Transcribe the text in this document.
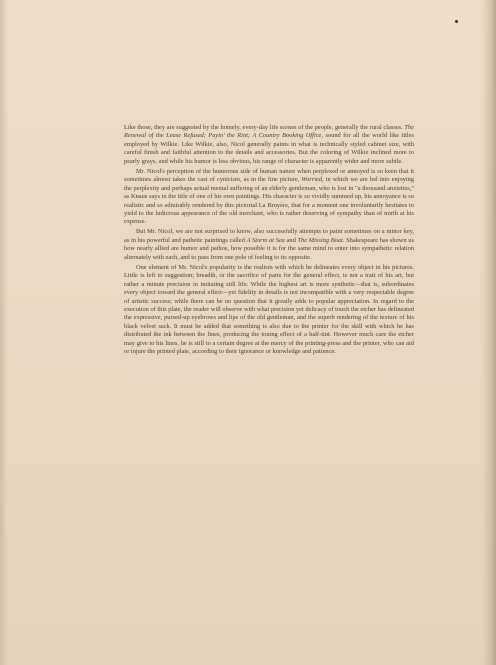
Like those, they are suggested by the homely, every-day life scenes of the people, generally the rural classes. The Renewal of the Lease Refused; Payin' the Rint; A Country Booking Office, sound for all the world like titles employed by Wilkie. Like Wilkie, also, Nicol generally paints in what is technically styled cabinet size, with careful finish and faithful attention to the details and accessories. But the coloring of Wilkie inclined more to pearly grays, and while his humor is less obvious, his range of character is apparently wider and more subtle.

Mr. Nicol's perception of the humorous side of human nature when perplexed or annoyed is so keen that it sometimes almost takes the cast of cynicism, as in the fine picture, Worried, in which we are led into enjoying the perplexity and perhaps actual mental suffering of an elderly gentleman, who is lost in "a thousand anxieties," as Knaus says in the title of one of his own paintings. His character is so vividly summed up, his annoyance is so realistic and so admirably rendered by this pictorial La Bruyère, that for a moment one involuntarily hesitates to yield to the ludicrous appearance of the old merchant, who is rather deserving of sympathy than of mirth at his expense.

But Mr. Nicol, we are not surprised to know, also successfully attempts to paint sometimes on a minor key, as in his powerful and pathetic paintings called A Storm at Sea and The Missing Boat. Shakespeare has shown us how nearly allied are humor and pathos, how possible it is for the same mind to enter into sympathetic relation alternately with each, and to pass from one pole of feeling to its opposite.

One element of Mr. Nicol's popularity is the realism with which he delineates every object in his pictures. Little is left to suggestion; breadth, or the sacrifice of parts for the general effect, is not a trait of his art, but rather a minute precision in imitating still life. While the highest art is more synthetic—that is, subordinates every object toward the general effect—yet fidelity in details is not incompatible with a very respectable degree of artistic success; while there can be no question that it greatly adds to popular appreciation. In regard to the execution of this plate, the reader will observe with what precision yet delicacy of touch the etcher has delineated the expressive, pursed-up eyebrows and lips of the old gentleman, and the superb rendering of the texture of his black velvet sack. It must be added that something is also due to the printer for the skill with which he has distributed the ink between the lines, producing the toning effect of a half-tint. However much care the etcher may give to his lines, he is still to a certain degree at the mercy of the printing-press and the printer, who can aid or injure the printed plate, according to their ignorance or knowledge and patience.
